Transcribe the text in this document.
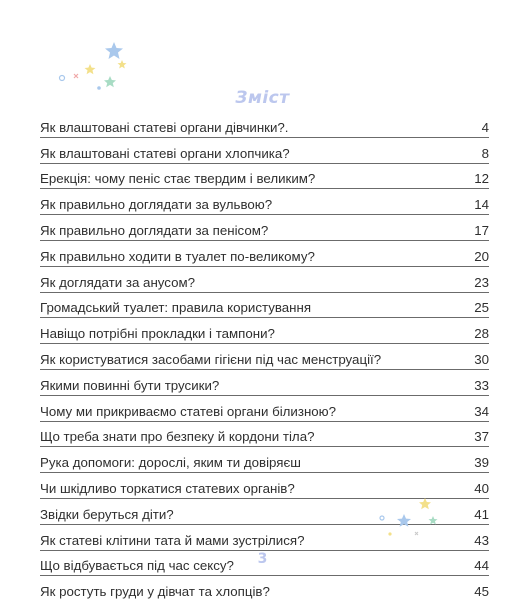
Зміст
Як влаштовані статеві органи дівчинки?.	4
Як влаштовані статеві органи хлопчика?	8
Ерекція: чому пеніс стає твердим і великим?	12
Як правильно доглядати за вульвою?	14
Як правильно доглядати за пенісом?	17
Як правильно ходити в туалет по-великому?	20
Як доглядати за анусом?	23
Громадський туалет: правила користування	25
Навіщо потрібні прокладки і тампони?	28
Як користуватися засобами гігієни під час менструації?	30
Якими повинні бути трусики?	33
Чому ми прикриваємо статеві органи білизною?	34
Що треба знати про безпеку й кордони тіла?	37
Рука допомоги: дорослі, яким ти довіряєш	39
Чи шкідливо торкатися статевих органів?	40
Звідки беруться діти?	41
Як статеві клітини тата й мами зустрілися?	43
Що відбувається під час сексу?	44
Як ростуть груди у дівчат та хлопців?	45
3
